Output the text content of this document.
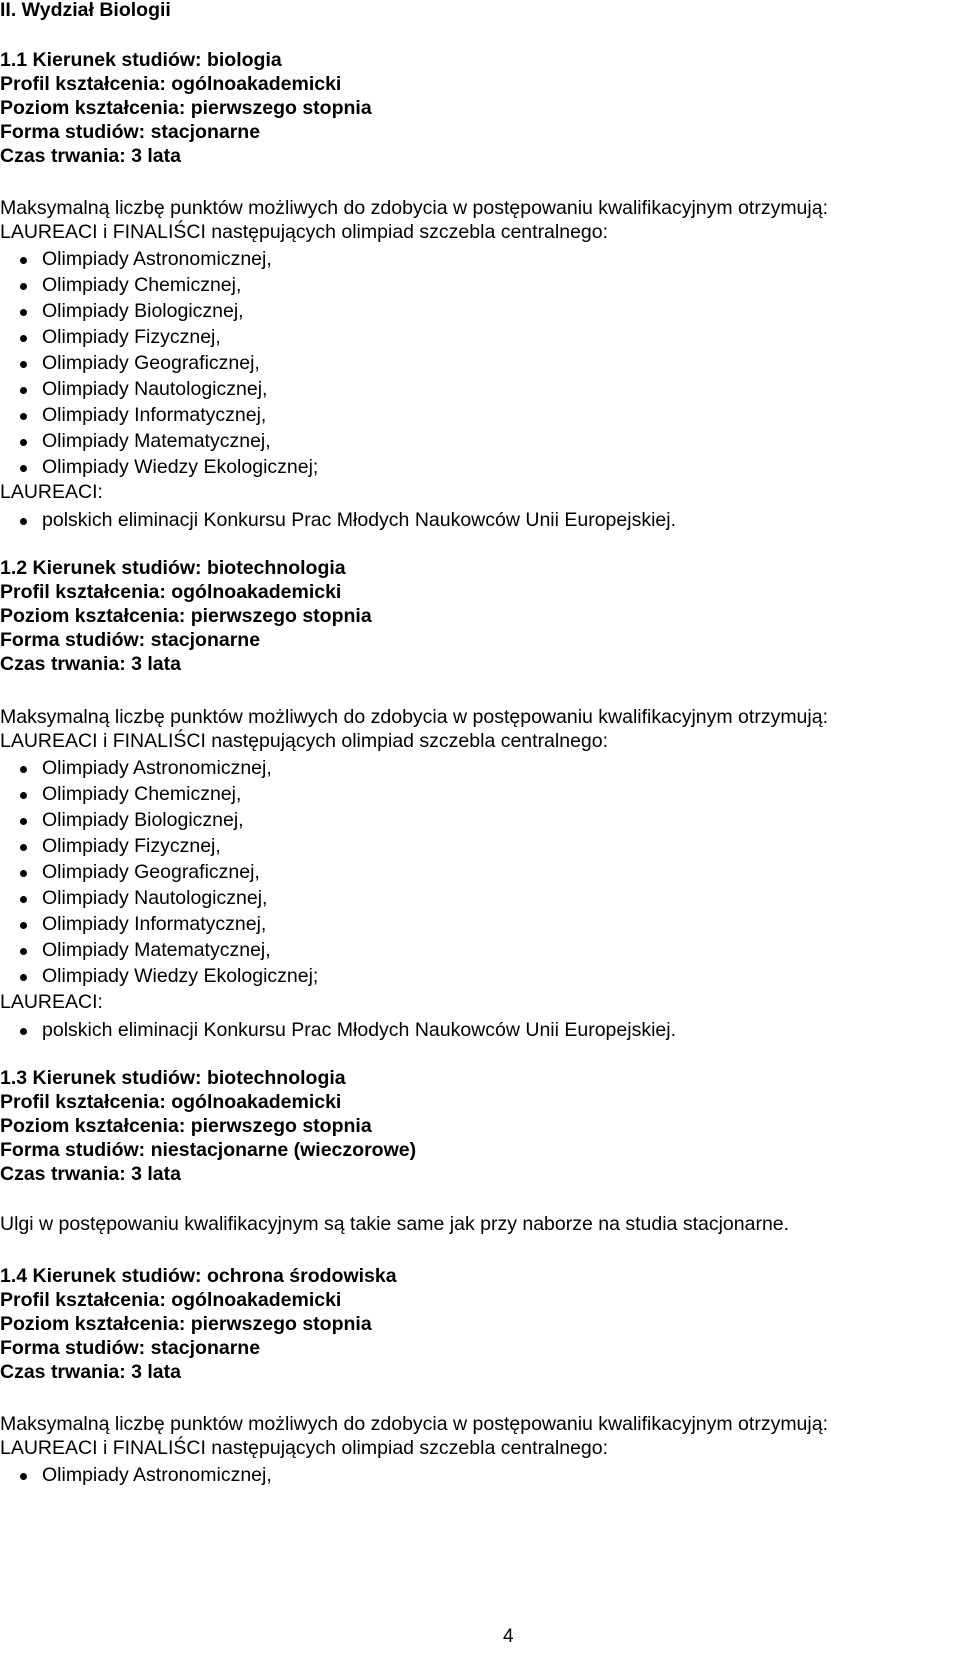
II. Wydział Biologii
1.1 Kierunek studiów: biologia
Profil kształcenia: ogólnoakademicki
Poziom kształcenia: pierwszego stopnia
Forma studiów: stacjonarne
Czas trwania: 3 lata
Maksymalną liczbę punktów możliwych do zdobycia w postępowaniu kwalifikacyjnym otrzymują:
LAUREACI i FINALIŚCI następujących olimpiad szczebla centralnego:
Olimpiady Astronomicznej,
Olimpiady Chemicznej,
Olimpiady Biologicznej,
Olimpiady Fizycznej,
Olimpiady Geograficznej,
Olimpiady Nautologicznej,
Olimpiady Informatycznej,
Olimpiady Matematycznej,
Olimpiady Wiedzy Ekologicznej;
LAUREACI:
polskich eliminacji Konkursu Prac Młodych Naukowców Unii Europejskiej.
1.2 Kierunek studiów: biotechnologia
Profil kształcenia: ogólnoakademicki
Poziom kształcenia: pierwszego stopnia
Forma studiów: stacjonarne
Czas trwania: 3 lata
Maksymalną liczbę punktów możliwych do zdobycia w postępowaniu kwalifikacyjnym otrzymują:
LAUREACI i FINALIŚCI następujących olimpiad szczebla centralnego:
Olimpiady Astronomicznej,
Olimpiady Chemicznej,
Olimpiady Biologicznej,
Olimpiady Fizycznej,
Olimpiady Geograficznej,
Olimpiady Nautologicznej,
Olimpiady Informatycznej,
Olimpiady Matematycznej,
Olimpiady Wiedzy Ekologicznej;
LAUREACI:
polskich eliminacji Konkursu Prac Młodych Naukowców Unii Europejskiej.
1.3 Kierunek studiów: biotechnologia
Profil kształcenia: ogólnoakademicki
Poziom kształcenia: pierwszego stopnia
Forma studiów: niestacjonarne (wieczorowe)
Czas trwania: 3 lata
Ulgi w postępowaniu kwalifikacyjnym są takie same jak przy naborze na studia stacjonarne.
1.4 Kierunek studiów: ochrona środowiska
Profil kształcenia: ogólnoakademicki
Poziom kształcenia: pierwszego stopnia
Forma studiów: stacjonarne
Czas trwania: 3 lata
Maksymalną liczbę punktów możliwych do zdobycia w postępowaniu kwalifikacyjnym otrzymują:
LAUREACI i FINALIŚCI następujących olimpiad szczebla centralnego:
Olimpiady Astronomicznej,
4
